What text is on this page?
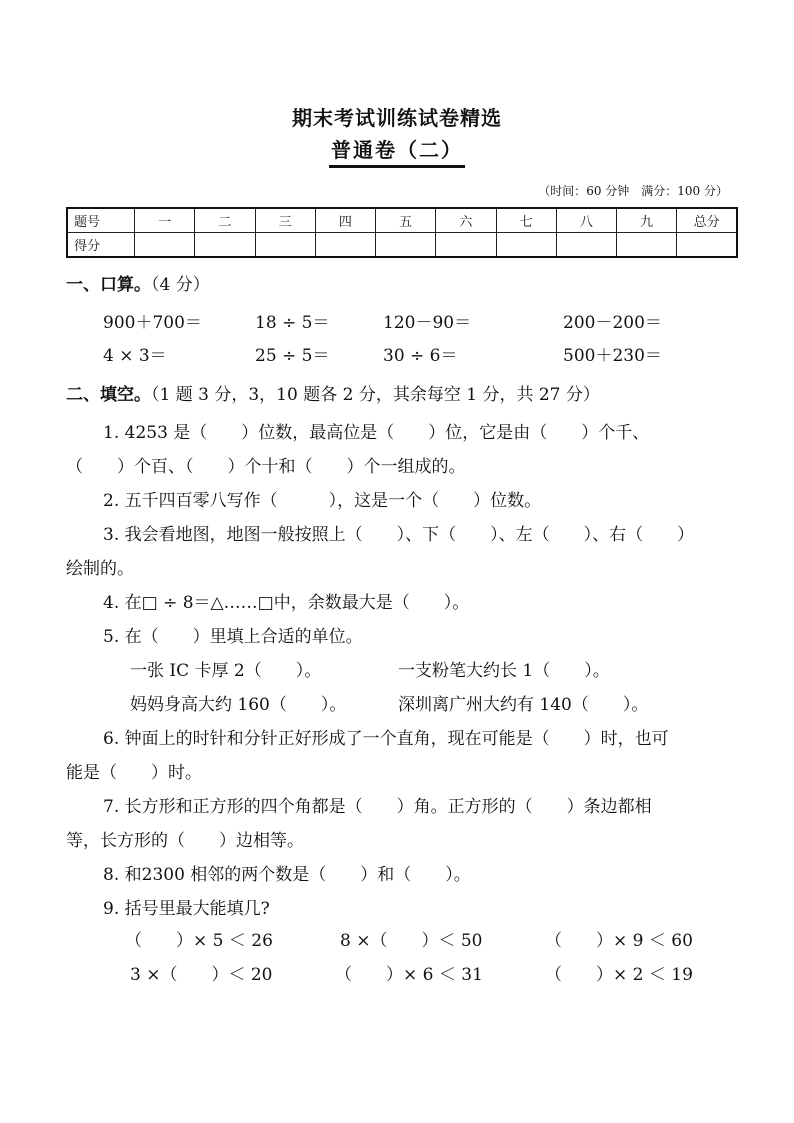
期末考试训练试卷精选
普通卷（二）
（时间：60 分钟　满分：100 分）
题号	一	二	三	四	五	六	七	八	九	总分
得分										
一、口算。（4 分）
900＋700＝	18 ÷ 5＝	120－90＝	200－200＝
4 × 3＝	25 ÷ 5＝	30 ÷ 6＝	500＋230＝
二、填空。（1 题 3 分，3，10 题各 2 分，其余每空 1 分，共 27 分）
1. 4253 是（　　）位数，最高位是（　　）位，它是由（　　）个千、
（　　）个百、（　　）个十和（　　）个一组成的。
2. 五千四百零八写作（　　　），这是一个（　　）位数。
3. 我会看地图，地图一般按照上（　　）、下（　　）、左（　　）、右（　　）
绘制的。
4. 在□ ÷ 8＝△……□中，余数最大是（　　）。
5. 在（　　）里填上合适的单位。
一张 IC 卡厚 2（　　）。	一支粉笔大约长 1（　　）。
妈妈身高大约 160（　　）。	深圳离广州大约有 140（　　）。
6. 钟面上的时针和分针正好形成了一个直角，现在可能是（　　）时，也可
能是（　　）时。
7. 长方形和正方形的四个角都是（　　）角。正方形的（　　）条边都相
等，长方形的（　　）边相等。
8. 和2300 相邻的两个数是（　　）和（　　）。
9. 括号里最大能填几?
（　　）× 5 ＜ 26	8 ×（　　）＜ 50	（　　）× 9 ＜ 60
3 ×（　　）＜ 20	（　　）× 6 ＜ 31	（　　）× 2 ＜ 19
